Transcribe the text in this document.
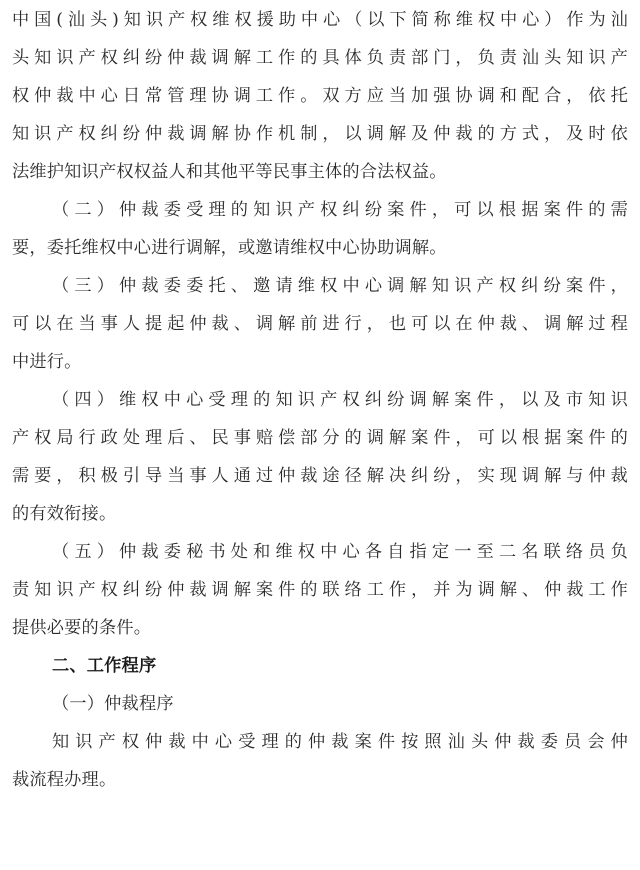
中国(汕头)知识产权维权援助中心（以下简称维权中心）作为汕
头知识产权纠纷仲裁调解工作的具体负责部门，负责汕头知识产
权仲裁中心日常管理协调工作。双方应当加强协调和配合，依托
知识产权纠纷仲裁调解协作机制，以调解及仲裁的方式，及时依
法维护知识产权权益人和其他平等民事主体的合法权益。
（二）仲裁委受理的知识产权纠纷案件，可以根据案件的需
要，委托维权中心进行调解，或邀请维权中心协助调解。
（三）仲裁委委托、邀请维权中心调解知识产权纠纷案件，
可以在当事人提起仲裁、调解前进行，也可以在仲裁、调解过程
中进行。
（四）维权中心受理的知识产权纠纷调解案件，以及市知识
产权局行政处理后、民事赔偿部分的调解案件，可以根据案件的
需要，积极引导当事人通过仲裁途径解决纠纷，实现调解与仲裁
的有效衔接。
（五）仲裁委秘书处和维权中心各自指定一至二名联络员负
责知识产权纠纷仲裁调解案件的联络工作，并为调解、仲裁工作
提供必要的条件。
二、工作程序
（一）仲裁程序
知识产权仲裁中心受理的仲裁案件按照汕头仲裁委员会仲
裁流程办理。
